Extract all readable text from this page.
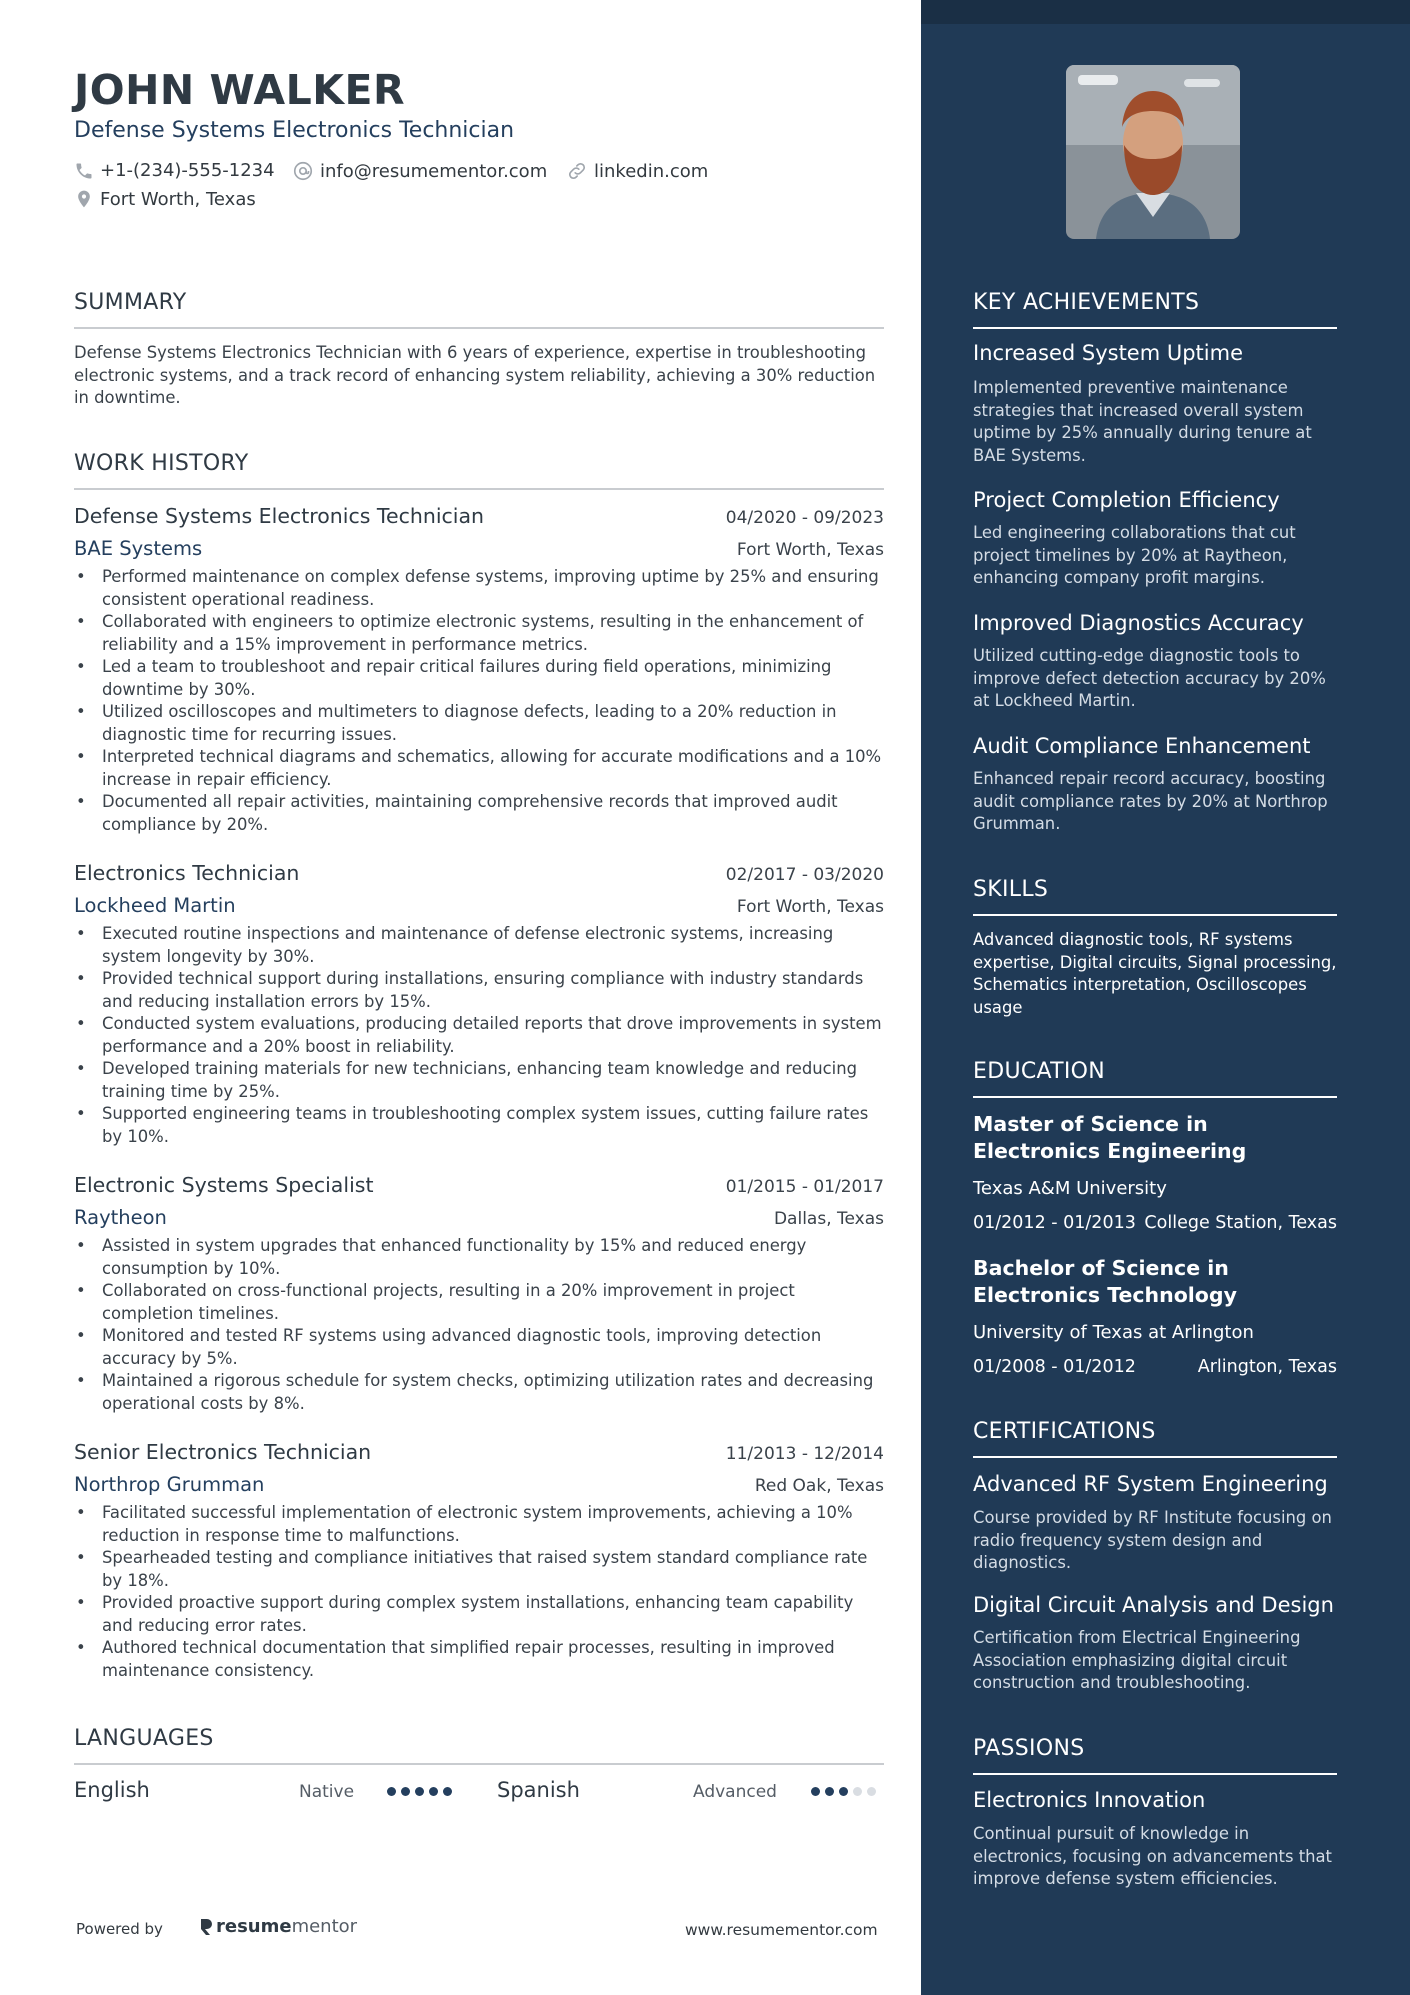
JOHN WALKER
Defense Systems Electronics Technician
+1-(234)-555-1234	info@resumementor.com	linkedin.com
Fort Worth, Texas
SUMMARY
Defense Systems Electronics Technician with 6 years of experience, expertise in troubleshooting electronic systems, and a track record of enhancing system reliability, achieving a 30% reduction in downtime.
WORK HISTORY
Defense Systems Electronics Technician	04/2020 - 09/2023
BAE Systems	Fort Worth, Texas
• Performed maintenance on complex defense systems, improving uptime by 25% and ensuring consistent operational readiness.
• Collaborated with engineers to optimize electronic systems, resulting in the enhancement of reliability and a 15% improvement in performance metrics.
• Led a team to troubleshoot and repair critical failures during field operations, minimizing downtime by 30%.
• Utilized oscilloscopes and multimeters to diagnose defects, leading to a 20% reduction in diagnostic time for recurring issues.
• Interpreted technical diagrams and schematics, allowing for accurate modifications and a 10% increase in repair efficiency.
• Documented all repair activities, maintaining comprehensive records that improved audit compliance by 20%.
Electronics Technician	02/2017 - 03/2020
Lockheed Martin	Fort Worth, Texas
• Executed routine inspections and maintenance of defense electronic systems, increasing system longevity by 30%.
• Provided technical support during installations, ensuring compliance with industry standards and reducing installation errors by 15%.
• Conducted system evaluations, producing detailed reports that drove improvements in system performance and a 20% boost in reliability.
• Developed training materials for new technicians, enhancing team knowledge and reducing training time by 25%.
• Supported engineering teams in troubleshooting complex system issues, cutting failure rates by 10%.
Electronic Systems Specialist	01/2015 - 01/2017
Raytheon	Dallas, Texas
• Assisted in system upgrades that enhanced functionality by 15% and reduced energy consumption by 10%.
• Collaborated on cross-functional projects, resulting in a 20% improvement in project completion timelines.
• Monitored and tested RF systems using advanced diagnostic tools, improving detection accuracy by 5%.
• Maintained a rigorous schedule for system checks, optimizing utilization rates and decreasing operational costs by 8%.
Senior Electronics Technician	11/2013 - 12/2014
Northrop Grumman	Red Oak, Texas
• Facilitated successful implementation of electronic system improvements, achieving a 10% reduction in response time to malfunctions.
• Spearheaded testing and compliance initiatives that raised system standard compliance rate by 18%.
• Provided proactive support during complex system installations, enhancing team capability and reducing error rates.
• Authored technical documentation that simplified repair processes, resulting in improved maintenance consistency.
LANGUAGES
English	Native	Spanish	Advanced
Powered by	resume mentor	www.resumementor.com
KEY ACHIEVEMENTS
Increased System Uptime
Implemented preventive maintenance strategies that increased overall system uptime by 25% annually during tenure at BAE Systems.
Project Completion Efficiency
Led engineering collaborations that cut project timelines by 20% at Raytheon, enhancing company profit margins.
Improved Diagnostics Accuracy
Utilized cutting-edge diagnostic tools to improve defect detection accuracy by 20% at Lockheed Martin.
Audit Compliance Enhancement
Enhanced repair record accuracy, boosting audit compliance rates by 20% at Northrop Grumman.
SKILLS
Advanced diagnostic tools, RF systems expertise, Digital circuits, Signal processing, Schematics interpretation, Oscilloscopes usage
EDUCATION
Master of Science in Electronics Engineering
Texas A&M University
01/2012 - 01/2013 College Station, Texas
Bachelor of Science in Electronics Technology
University of Texas at Arlington
01/2008 - 01/2012	Arlington, Texas
CERTIFICATIONS
Advanced RF System Engineering
Course provided by RF Institute focusing on radio frequency system design and diagnostics.
Digital Circuit Analysis and Design
Certification from Electrical Engineering Association emphasizing digital circuit construction and troubleshooting.
PASSIONS
Electronics Innovation
Continual pursuit of knowledge in electronics, focusing on advancements that improve defense system efficiencies.
